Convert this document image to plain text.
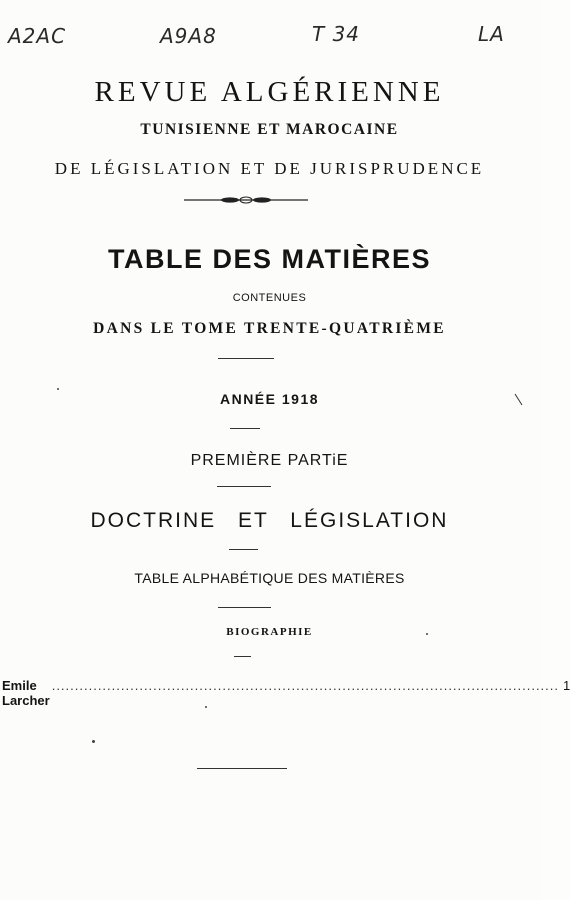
A2AC	A9A8	T 34	LA
REVUE ALGÉRIENNE
TUNISIENNE ET MAROCAINE
DE LÉGISLATION ET DE JURISPRUDENCE
TABLE DES MATIÈRES
CONTENUES
DANS LE TOME TRENTE-QUATRIÈME
ANNÉE 1918
PREMIÈRE PARTiE
DOCTRINE ET LÉGISLATION
TABLE ALPHABÉTIQUE DES MATIÈRES
BIOGRAPHIE
Emile Larcher
.............................................................................................................. 1
